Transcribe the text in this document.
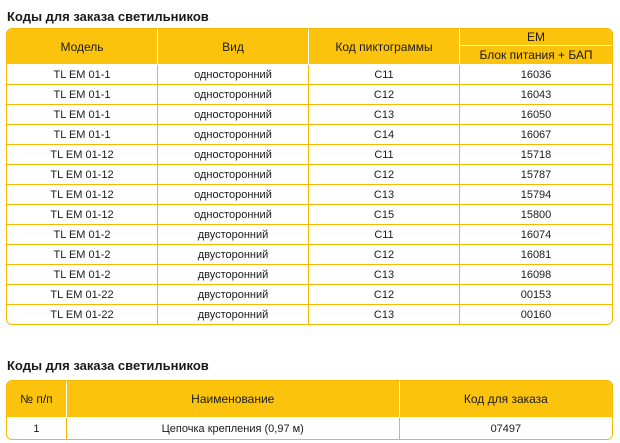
Коды для заказа светильников
Модель	Вид	Код пиктограммы	EM
			Блок питания + БАП
TL EM 01-1	односторонний	C11	16036
TL EM 01-1	односторонний	C12	16043
TL EM 01-1	односторонний	C13	16050
TL EM 01-1	односторонний	C14	16067
TL EM 01-12	односторонний	C11	15718
TL EM 01-12	односторонний	C12	15787
TL EM 01-12	односторонний	C13	15794
TL EM 01-12	односторонний	C15	15800
TL EM 01-2	двусторонний	C11	16074
TL EM 01-2	двусторонний	C12	16081
TL EM 01-2	двусторонний	C13	16098
TL EM 01-22	двусторонний	C12	00153
TL EM 01-22	двусторонний	C13	00160
Коды для заказа светильников
№ п/п	Наименование	Код для заказа
1	Цепочка крепления (0,97 м)	07497
